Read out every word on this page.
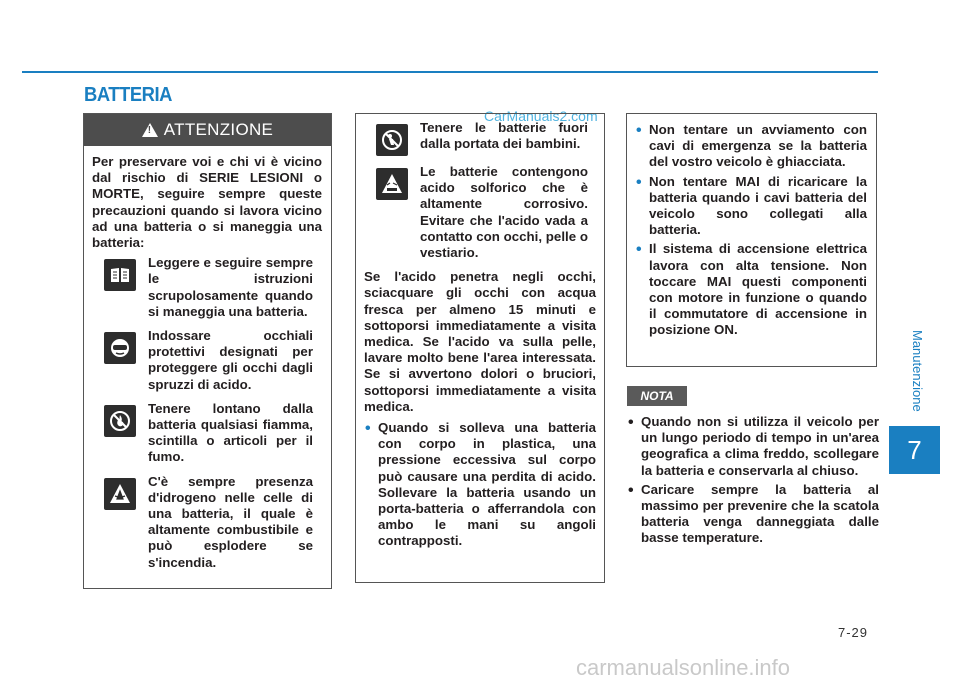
BATTERIA
CarManuals2.com
!
ATTENZIONE

Per preservare voi e chi vi è vicino dal rischio di SERIE LESIONI o MORTE, seguire sempre queste precauzioni quando si lavora vicino ad una batteria o si maneggia una batteria:

Leggere e seguire sempre le istruzioni scrupolosamente quando si maneggia una batteria.

Indossare occhiali protettivi designati per proteggere gli occhi dagli spruzzi di acido.

Tenere lontano dalla batteria qualsiasi fiamma, scintilla o articoli per il fumo.

C'è sempre presenza d'idrogeno nelle celle di una batteria, il quale è altamente combustibile e può esplodere se s'incendia.

Tenere le batterie fuori dalla portata dei bambini.

Le batterie contengono acido solforico che è altamente corrosivo. Evitare che l'acido vada a contatto con occhi, pelle o vestiario.

Se l'acido penetra negli occhi, sciacquare gli occhi con acqua fresca per almeno 15 minuti e sottoporsi immediatamente a visita medica. Se l'acido va sulla pelle, lavare molto bene l'area interessata. Se si avvertono dolori o bruciori, sottoporsi immediatamente a visita medica.

• Quando si solleva una batteria con corpo in plastica, una pressione eccessiva sul corpo può causare una perdita di acido. Sollevare la batteria usando un porta-batteria o afferrandola con ambo le mani su angoli contrapposti.

• Non tentare un avviamento con cavi di emergenza se la batteria del vostro veicolo è ghiacciata.

• Non tentare MAI di ricaricare la batteria quando i cavi batteria del veicolo sono collegati alla batteria.

• Il sistema di accensione elettrica lavora con alta tensione. Non toccare MAI questi componenti con motore in funzione o quando il commutatore di accensione in posizione ON.

NOTA
• Quando non si utilizza il veicolo per un lungo periodo di tempo in un'area geografica a clima freddo, scollegare la batteria e conservarla al chiuso.

• Caricare sempre la batteria al massimo per prevenire che la scatola batteria venga danneggiata dalle basse temperature.

Manutenzione
7
7-29
carmanualsonline.info
